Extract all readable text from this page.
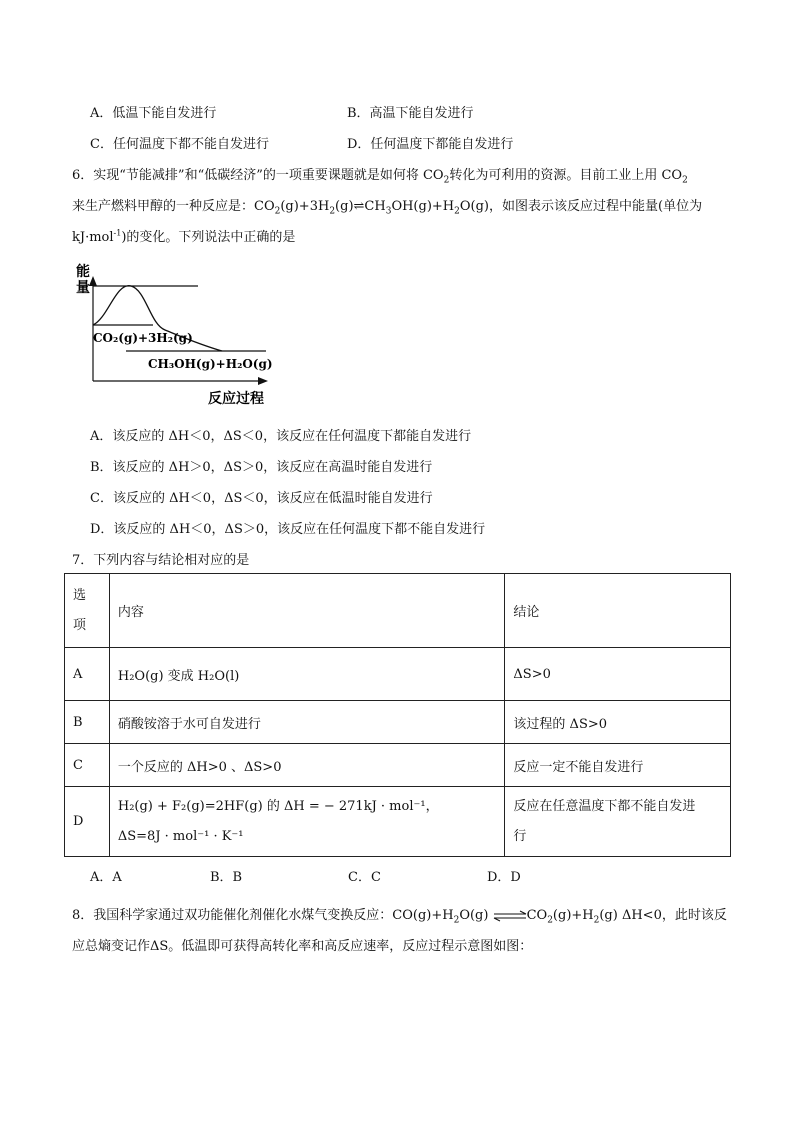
A．低温下能自发进行	B．高温下能自发进行
C．任何温度下都不能自发进行	D．任何温度下都能自发进行
6．实现“节能减排”和“低碳经济”的一项重要课题就是如何将 $CO_2$转化为可利用的资源。目前工业上用 $CO_2$
来生产燃料甲醇的一种反应是：$CO_2(g)+3H_2(g)\rightleftharpoons CH_3OH(g)+H_2O(g)$，如图表示该反应过程中能量(单位为
kJ·mol$^{-1}$)的变化。下列说法中正确的是
能
量
CO₂(g)+3H₂(g)
CH₃OH(g)+H₂O(g)
反应过程
A．该反应的 ΔH＜0，ΔS＜0，该反应在任何温度下都能自发进行
B．该反应的 ΔH＞0，ΔS＞0，该反应在高温时能自发进行
C．该反应的 ΔH＜0，ΔS＜0，该反应在低温时能自发进行
D．该反应的 ΔH＜0，ΔS＞0，该反应在任何温度下都不能自发进行
7．下列内容与结论相对应的是
选
项	内容	结论
A	H₂O(g) 变成 H₂O(l)	ΔS>0
B	硝酸铵溶于水可自发进行	该过程的 ΔS>0
C	一个反应的 ΔH>0 、ΔS>0	反应一定不能自发进行
D	H₂(g) + F₂(g)=2HF(g) 的 ΔH = − 271kJ · mol⁻¹，
ΔS=8J · mol⁻¹ · K⁻¹	反应在任意温度下都不能自发进
行
A．A	B．B	C．C	D．D
8．我国科学家通过双功能催化剂催化水煤气变换反应：$CO(g)+H_2O(g)$ $\rightleftharpoons CO_2(g)+H_2(g)$ ΔH<0，此时该反
应总熵变记作ΔS。低温即可获得高转化率和高反应速率，反应过程示意图如图：
